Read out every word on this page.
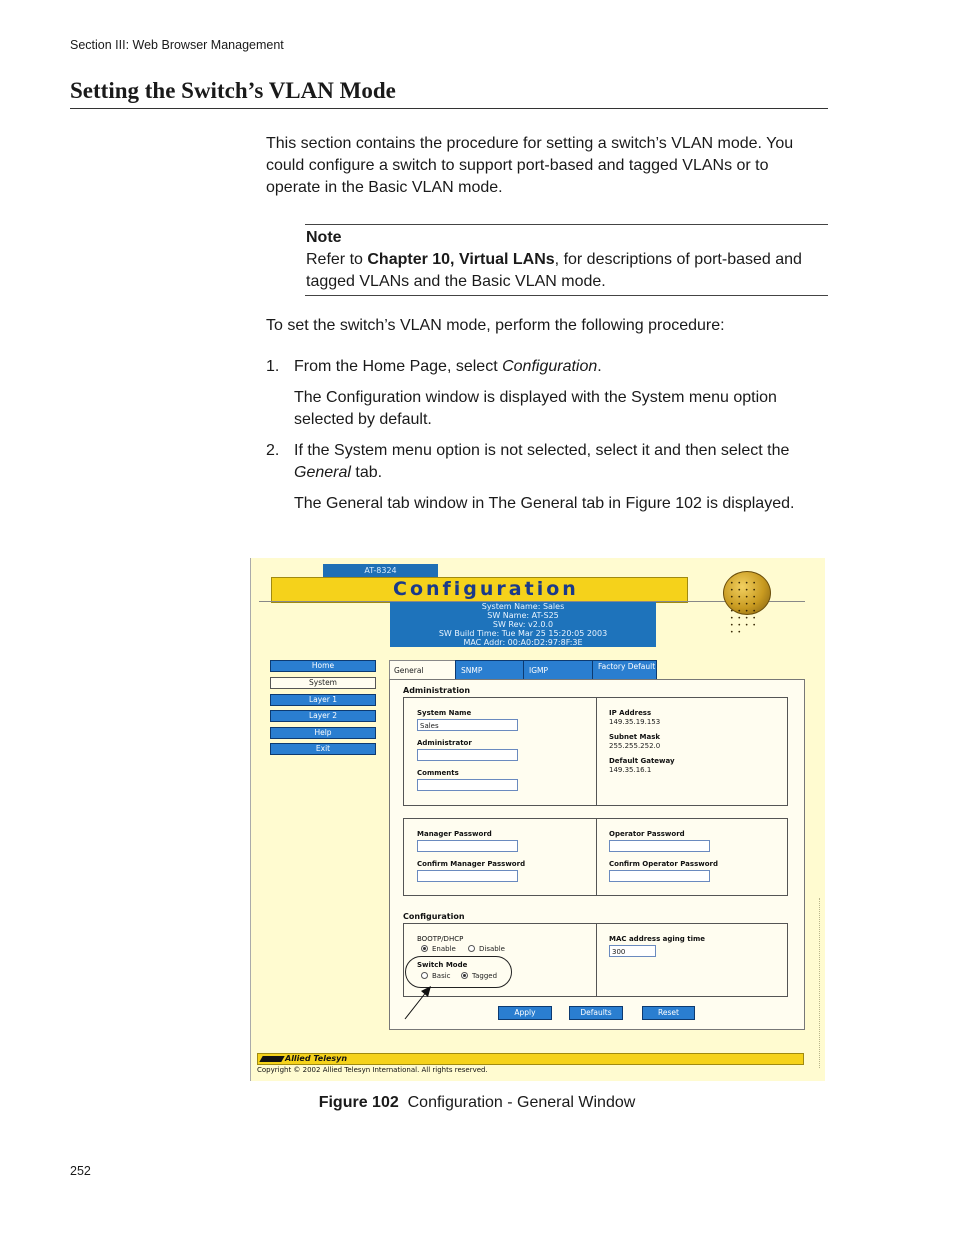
Section III: Web Browser Management
Setting the Switch’s VLAN Mode
This section contains the procedure for setting a switch’s VLAN mode. You could configure a switch to support port-based and tagged VLANs or to operate in the Basic VLAN mode.
Note
Refer to Chapter 10, Virtual LANs, for descriptions of port-based and tagged VLANs and the Basic VLAN mode.
To set the switch’s VLAN mode, perform the following procedure:
1. From the Home Page, select Configuration.
The Configuration window is displayed with the System menu option selected by default.
2. If the System menu option is not selected, select it and then select the General tab.
The General tab window in The General tab in Figure 102 is displayed.
AT-8324
Configuration	• • • • • • • • • • • • • • • • • • • • • • • • • • • • • •
System Name: Sales
SW Name: AT-S25
SW Rev: v2.0.0
SW Build Time: Tue Mar 25 15:20:05 2003
MAC Addr: 00:A0:D2:97:8F:3E
Home
System
Layer 1
Layer 2
Help
Exit
General	SNMP	IGMP	Factory Default
Administration
System Name
Sales
Administrator
Comments
IP Address
149.35.19.153
Subnet Mask
255.255.252.0
Default Gateway
149.35.16.1
Manager Password
Confirm Manager Password
Operator Password
Confirm Operator Password
Configuration
BOOTP/DHCP
Enable	Disable
Switch Mode
Basic	Tagged
MAC address aging time
300
Apply	Defaults	Reset
Allied Telesyn
Copyright © 2002 Allied Telesyn International. All rights reserved.
Figure 102  Configuration - General Window
252
